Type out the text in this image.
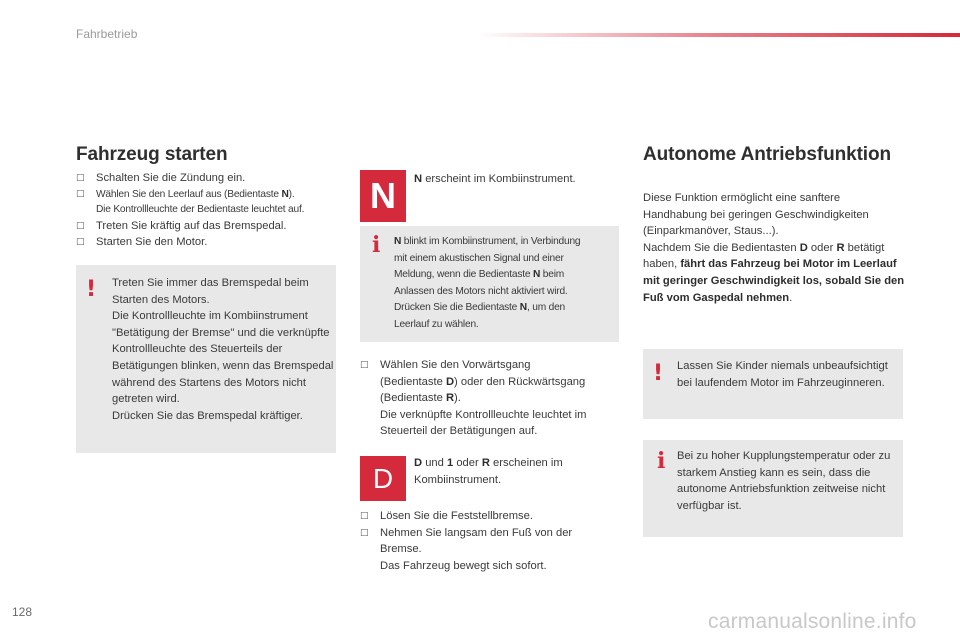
Fahrbetrieb
Fahrzeug starten
□ Schalten Sie die Zündung ein.
□ Wählen Sie den Leerlauf aus (Bedientaste N).
Die Kontrollleuchte der Bedientaste leuchtet auf.
□ Treten Sie kräftig auf das Bremspedal.
□ Starten Sie den Motor.
! Treten Sie immer das Bremspedal beim Starten des Motors.
Die Kontrollleuchte im Kombiinstrument "Betätigung der Bremse" und die verknüpfte Kontrollleuchte des Steuerteils der Betätigungen blinken, wenn das Bremspedal während des Startens des Motors nicht getreten wird.
Drücken Sie das Bremspedal kräftiger.
N N erscheint im Kombiinstrument.
i N blinkt im Kombiinstrument, in Verbindung
mit einem akustischen Signal und einer
Meldung, wenn die Bedientaste N beim
Anlassen des Motors nicht aktiviert wird.
Drücken Sie die Bedientaste N, um den
Leerlauf zu wählen.
□ Wählen Sie den Vorwärtsgang
(Bedientaste D) oder den Rückwärtsgang
(Bedientaste R).
Die verknüpfte Kontrollleuchte leuchtet im
Steuerteil der Betätigungen auf.
D D und 1 oder R erscheinen im
Kombiinstrument.
□ Lösen Sie die Feststellbremse.
□ Nehmen Sie langsam den Fuß von der
Bremse.
Das Fahrzeug bewegt sich sofort.
Autonome Antriebsfunktion
Diese Funktion ermöglicht eine sanftere Handhabung bei geringen Geschwindigkeiten (Einparkmanöver, Staus...).
Nachdem Sie die Bedientasten D oder R betätigt haben, fährt das Fahrzeug bei Motor im Leerlauf mit geringer Geschwindigkeit los, sobald Sie den Fuß vom Gaspedal nehmen.
! Lassen Sie Kinder niemals unbeaufsichtigt bei laufendem Motor im Fahrzeuginneren.
i Bei zu hoher Kupplungstemperatur oder zu starkem Anstieg kann es sein, dass die autonome Antriebsfunktion zeitweise nicht verfügbar ist.
128	carmanualsonline.info
